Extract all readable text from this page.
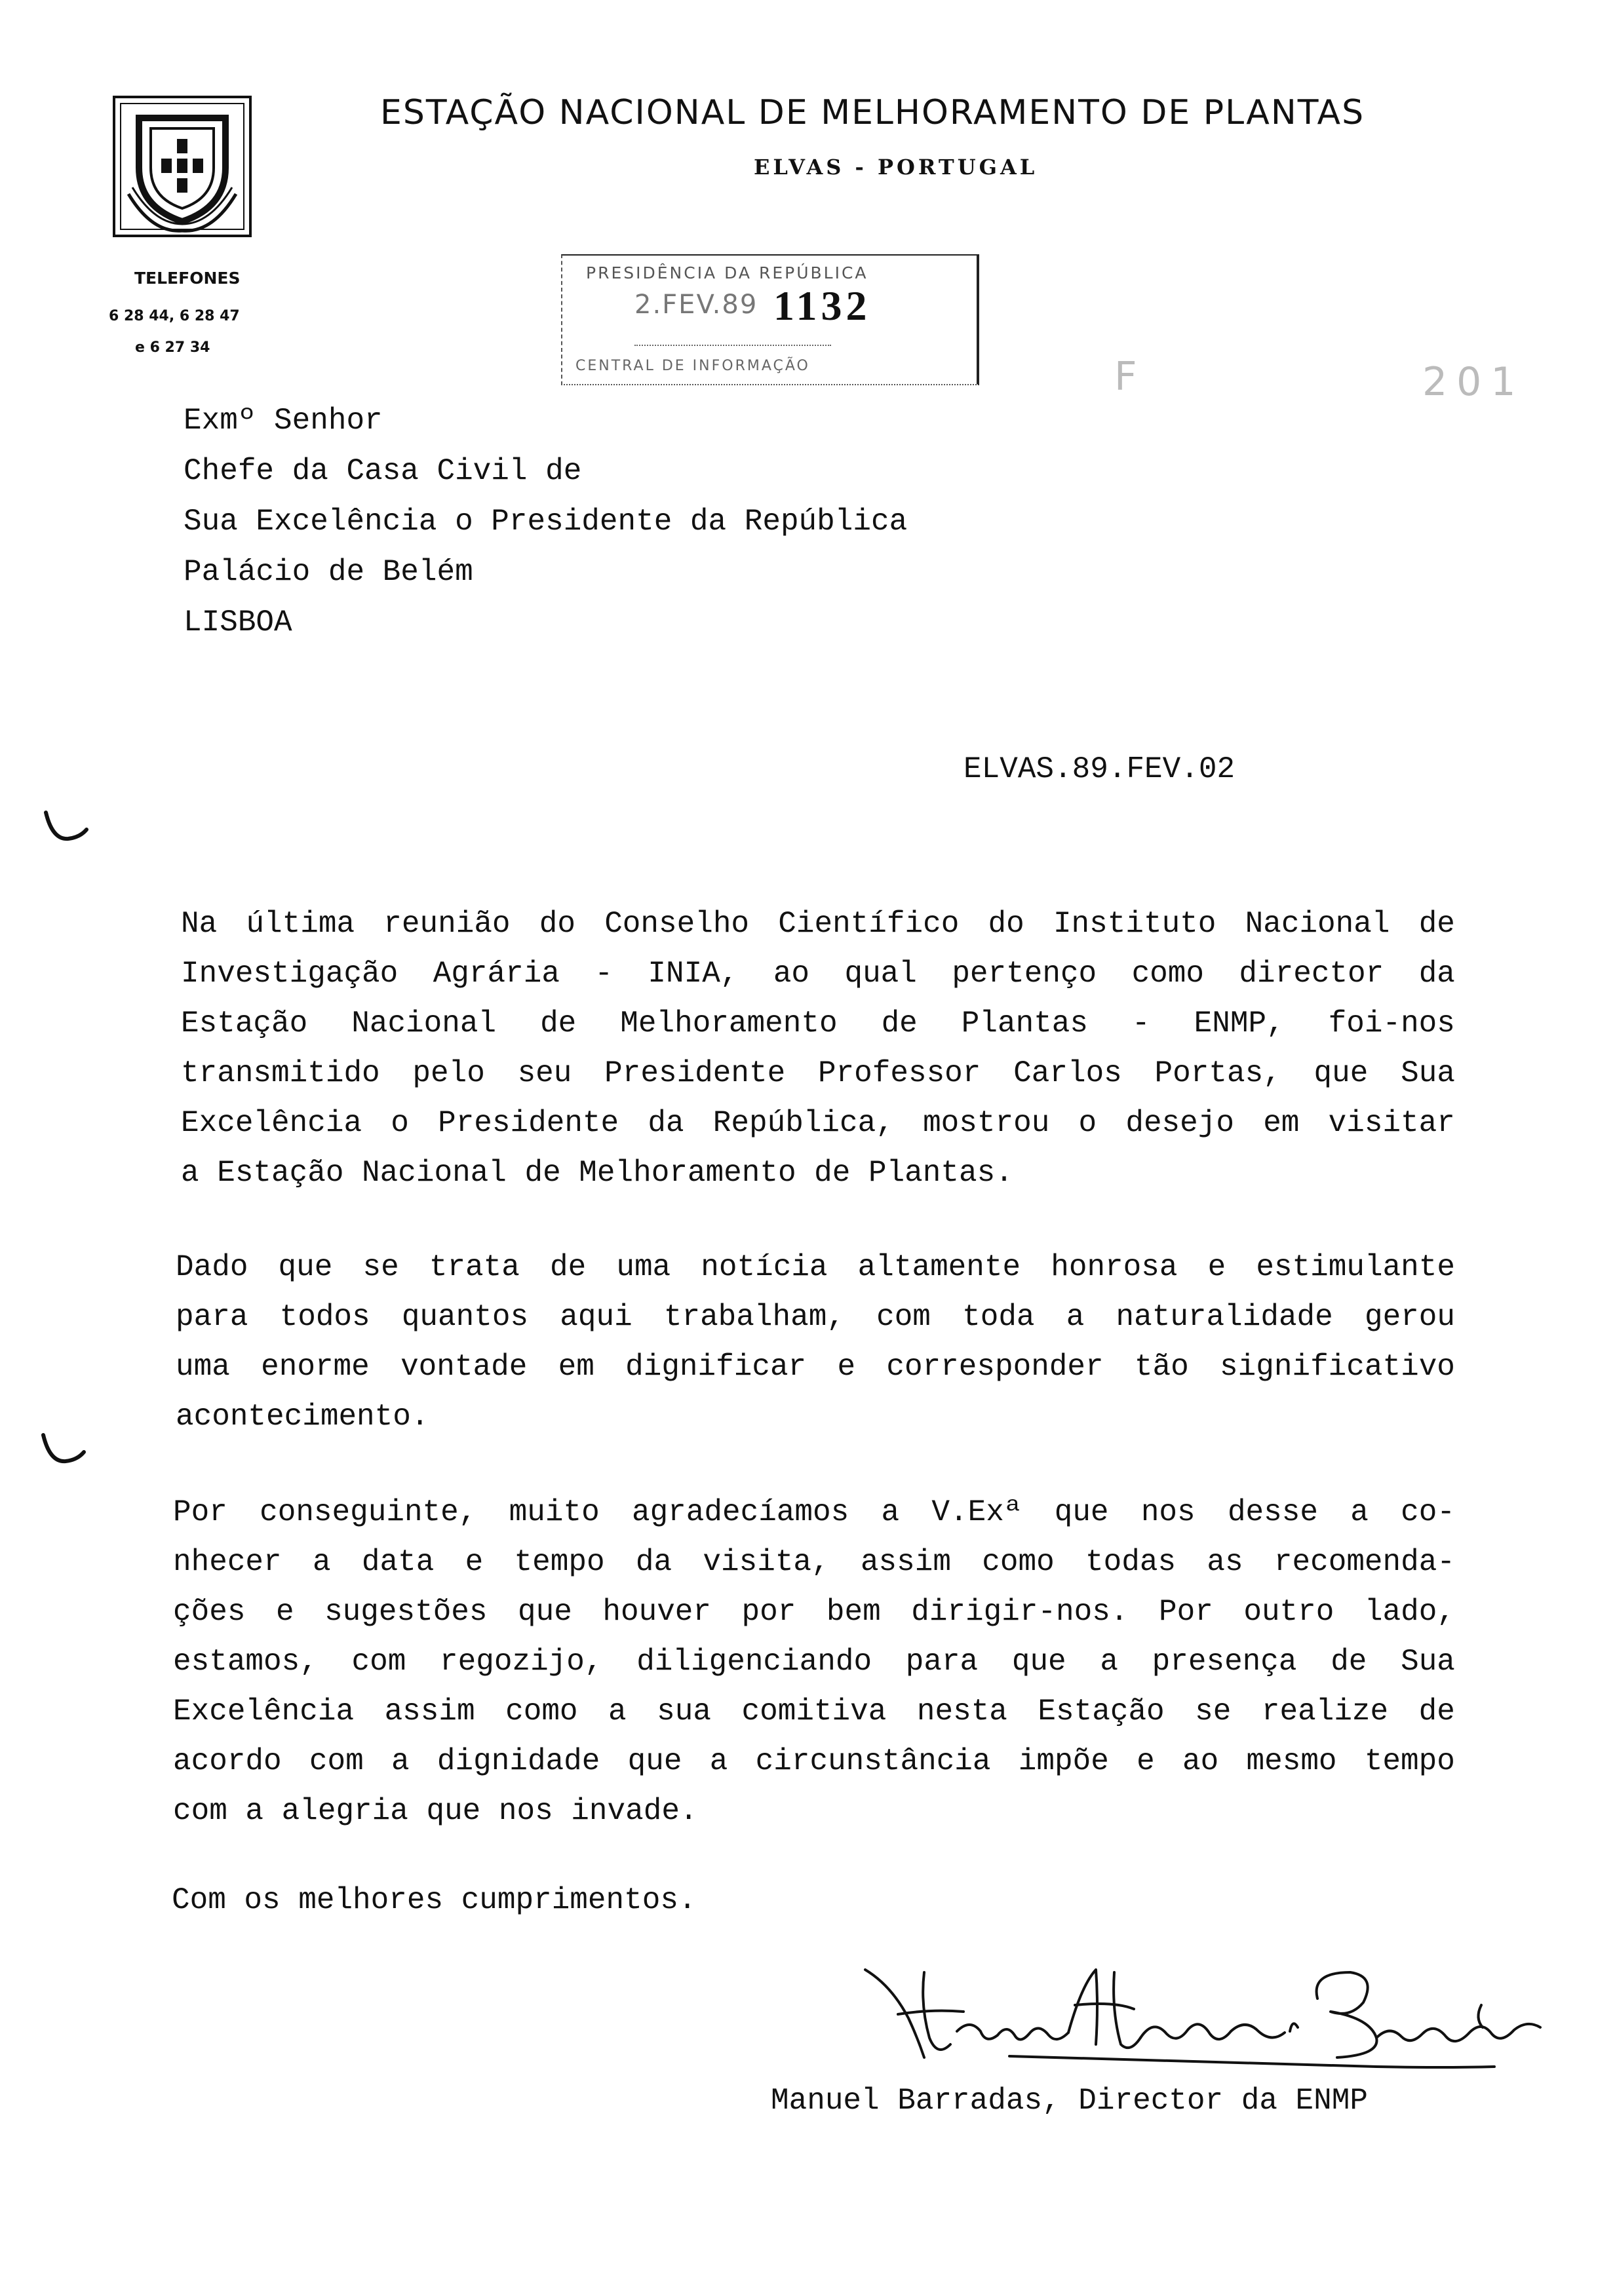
ESTAÇÃO NACIONAL DE MELHORAMENTO DE PLANTAS
ELVAS - PORTUGAL
TELEFONES
6 28 44, 6 28 47
e 6 27 34
PRESIDÊNCIA DA REPÚBLICA
2.FEV.89 1132
CENTRAL DE INFORMAÇÃO	F	201
Exmº Senhor
Chefe da Casa Civil de
Sua Excelência o Presidente da República
Palácio de Belém
LISBOA
ELVAS.89.FEV.02
Na última reunião do Conselho Científico do Instituto Nacional de
Investigação Agrária - INIA, ao qual pertenço como director da
Estação Nacional de Melhoramento de Plantas - ENMP, foi-nos
transmitido pelo seu Presidente Professor Carlos Portas, que Sua
Excelência o Presidente da República, mostrou o desejo em visitar
a Estação Nacional de Melhoramento de Plantas.
Dado que se trata de uma notícia altamente honrosa e estimulante
para todos quantos aqui trabalham, com toda a naturalidade gerou
uma enorme vontade em dignificar e corresponder tão significativo
acontecimento.
Por conseguinte, muito agradecíamos a V.Exª que nos desse a co-
nhecer a data e tempo da visita, assim como todas as recomenda-
ções e sugestões que houver por bem dirigir-nos. Por outro lado,
estamos, com regozijo, diligenciando para que a presença de Sua
Excelência assim como a sua comitiva nesta Estação se realize de
acordo com a dignidade que a circunstância impõe e ao mesmo tempo
com a alegria que nos invade.
Com os melhores cumprimentos.
Manuel Barradas, Director da ENMP
